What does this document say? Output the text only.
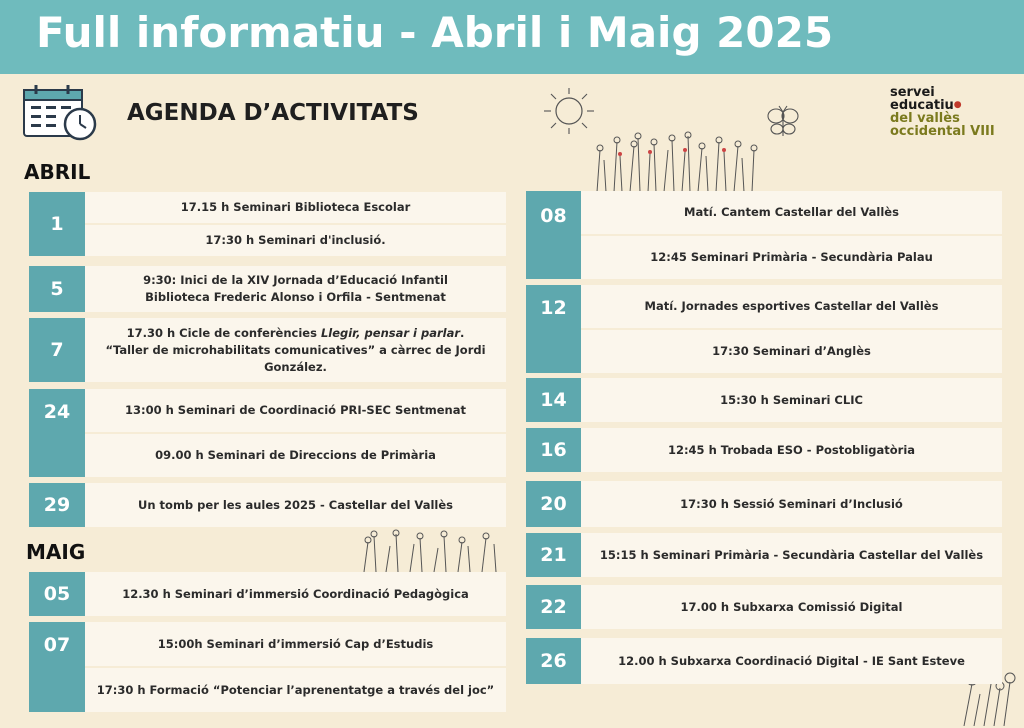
Full informatiu - Abril i Maig 2025
AGENDA D’ACTIVITATS
servei
educatiu●
del vallès
occidental VIII
ABRIL
MAIG
1
17.15 h Seminari Biblioteca Escolar
17:30 h Seminari d'inclusió.
5	9:30: Inici de la XIV Jornada d’Educació Infantil
Biblioteca Frederic Alonso i Orfila - Sentmenat
7
17.30 h Cicle de conferències Llegir, pensar i parlar.
“Taller de microhabilitats comunicatives” a càrrec de Jordi González.
24	13:00 h Seminari de Coordinació PRI-SEC Sentmenat
09.00 h Seminari de Direccions de Primària
29	Un tomb per les aules 2025 - Castellar del Vallès
05	12.30 h Seminari d’immersió Coordinació Pedagògica
07	15:00h Seminari d’immersió Cap d’Estudis
17:30 h Formació “Potenciar l’aprenentatge a través del joc”
08	Matí. Cantem Castellar del Vallès
12:45 Seminari Primària - Secundària Palau
12	Matí. Jornades esportives Castellar del Vallès
17:30 Seminari d’Anglès
14	15:30 h Seminari CLIC
16	12:45 h Trobada ESO - Postobligatòria
20	17:30 h Sessió Seminari d’Inclusió
21	15:15 h Seminari Primària - Secundària Castellar del Vallès
22	17.00 h Subxarxa Comissió Digital
26	12.00 h Subxarxa Coordinació Digital - IE Sant Esteve
